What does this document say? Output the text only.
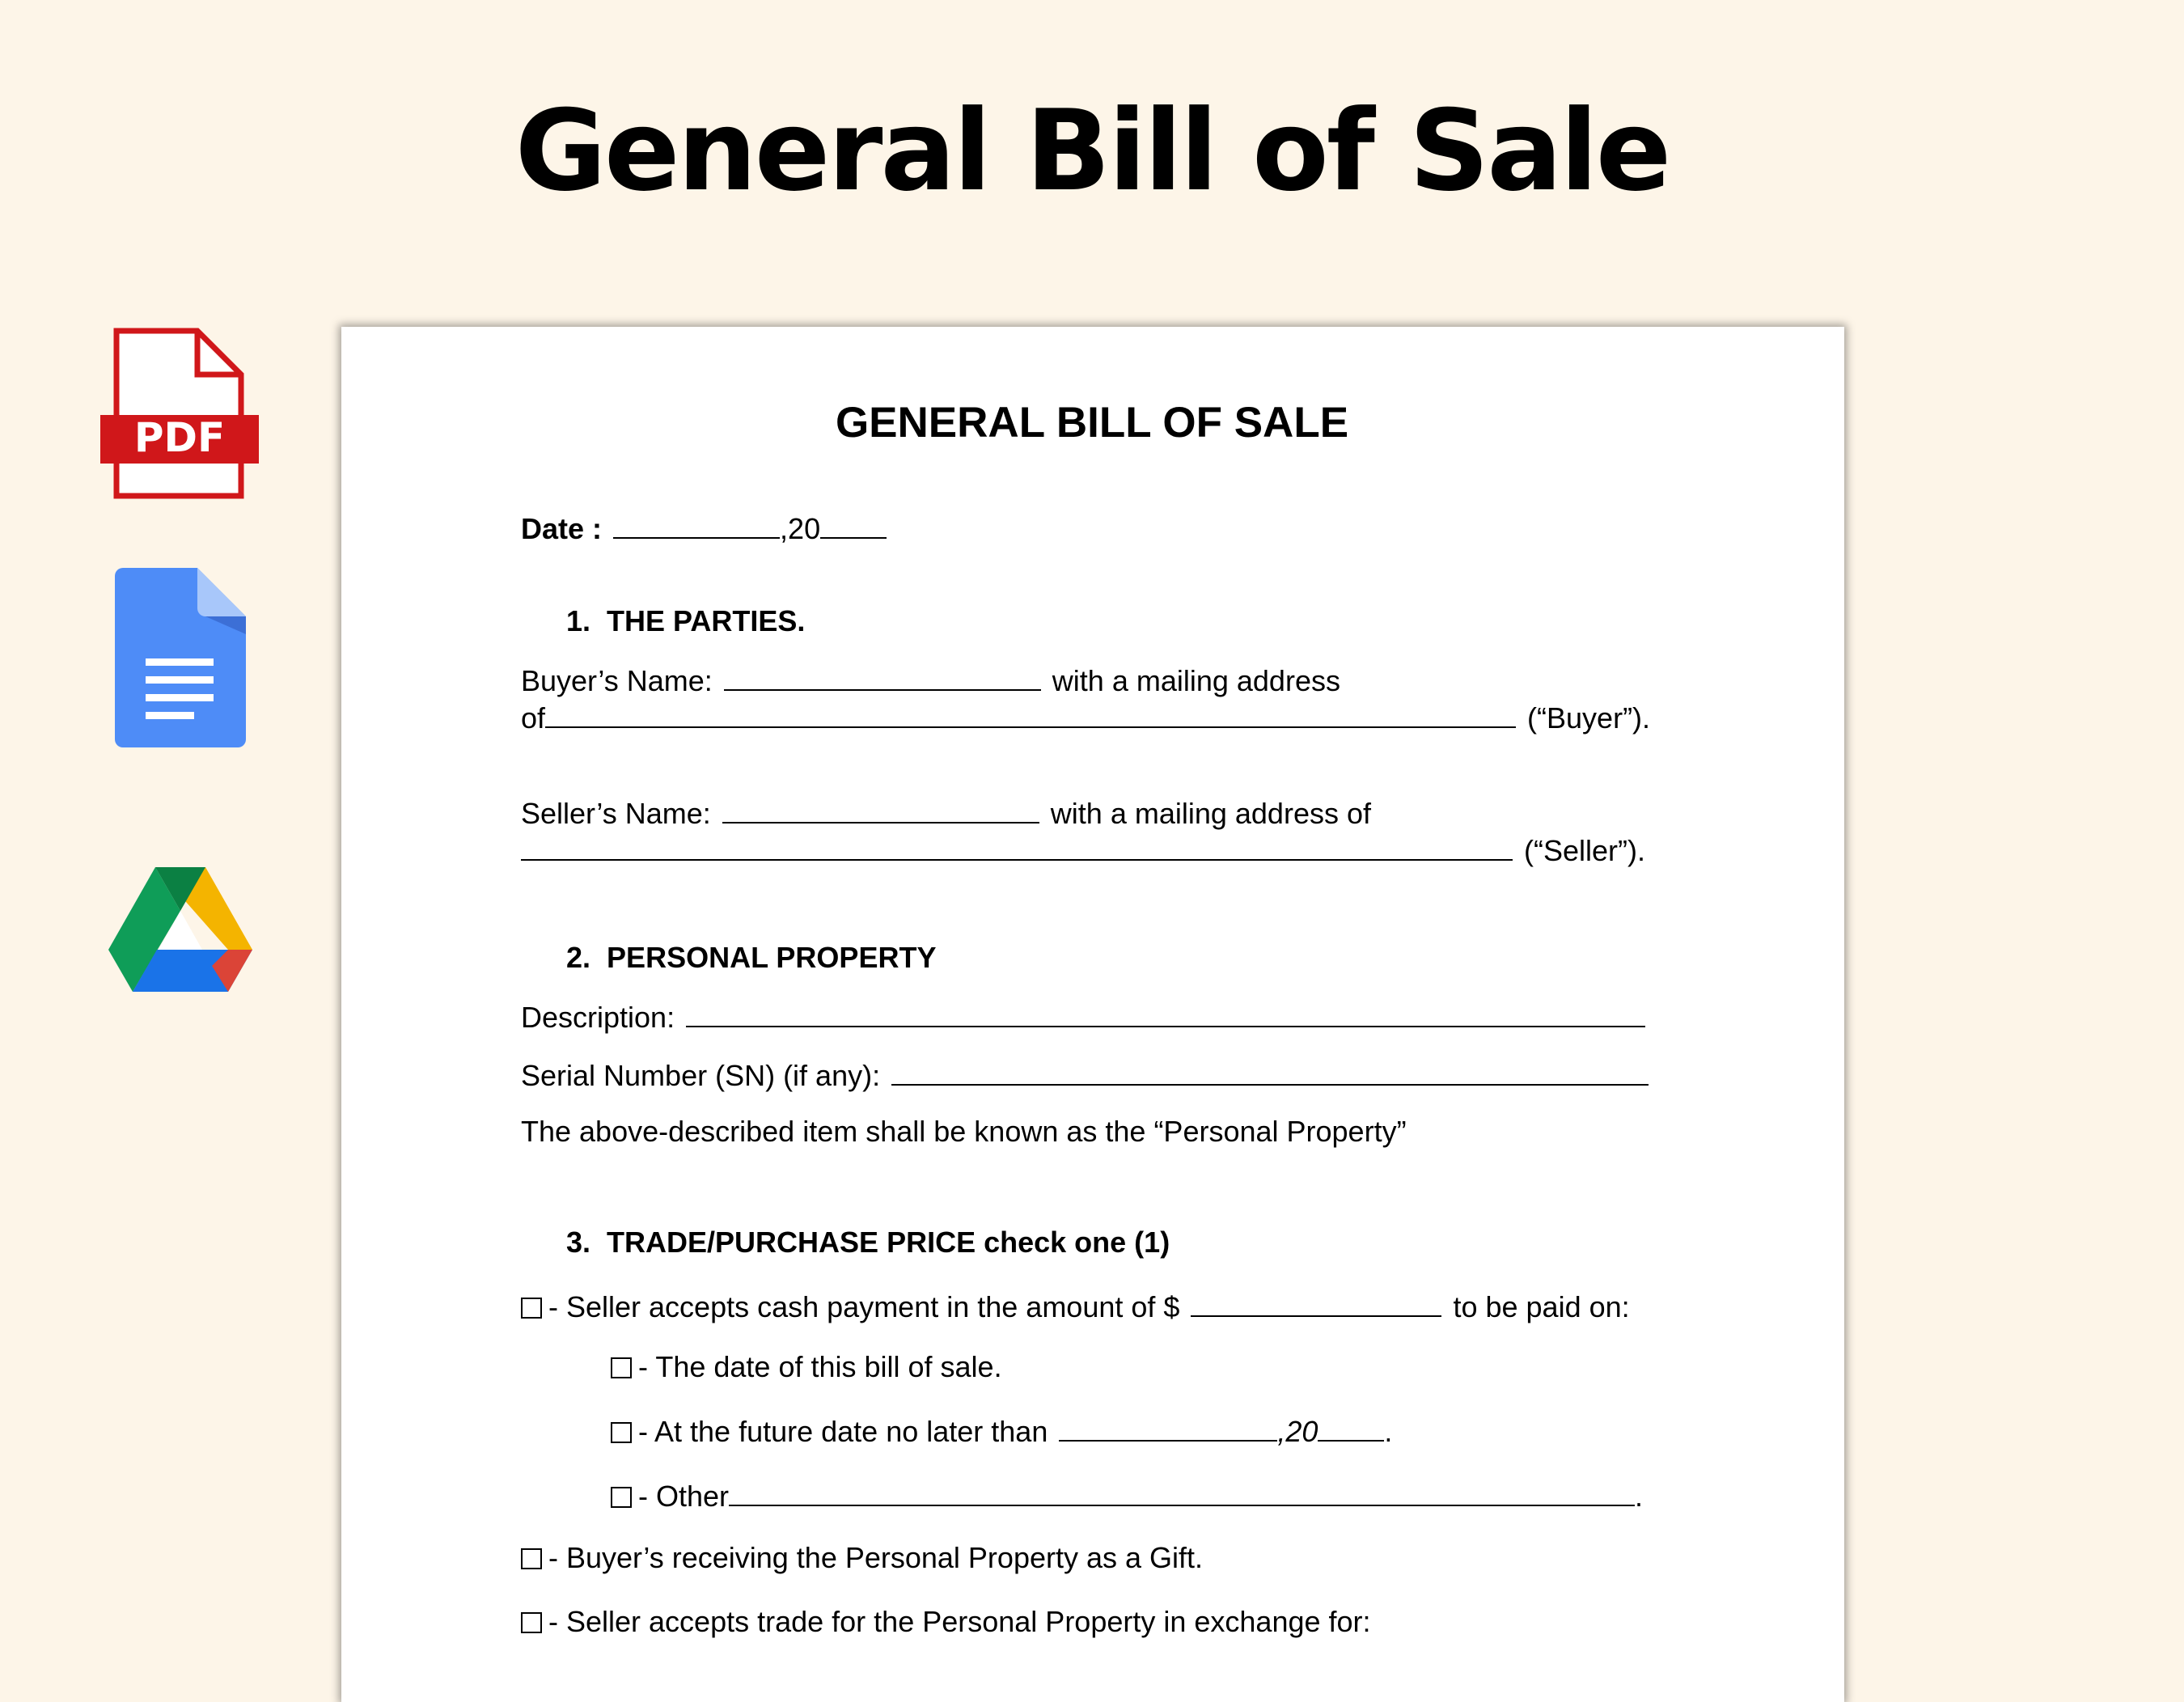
General Bill of Sale
PDF	GENERAL BILL OF SALE
Date :	,20
1. THE PARTIES.
Buyer’s Name:	with a mailing address
of	(“Buyer”).
Seller’s Name:	with a mailing address of
(“Seller”).
2. PERSONAL PROPERTY
Description:
Serial Number (SN) (if any):
The above-described item shall be known as the “Personal Property”
3. TRADE/PURCHASE PRICE check one (1)
- Seller accepts cash payment in the amount of $	to be paid on:
- The date of this bill of sale.
- At the future date no later than	,20 .
- Other	.
- Buyer’s receiving the Personal Property as a Gift.
- Seller accepts trade for the Personal Property in exchange for:
